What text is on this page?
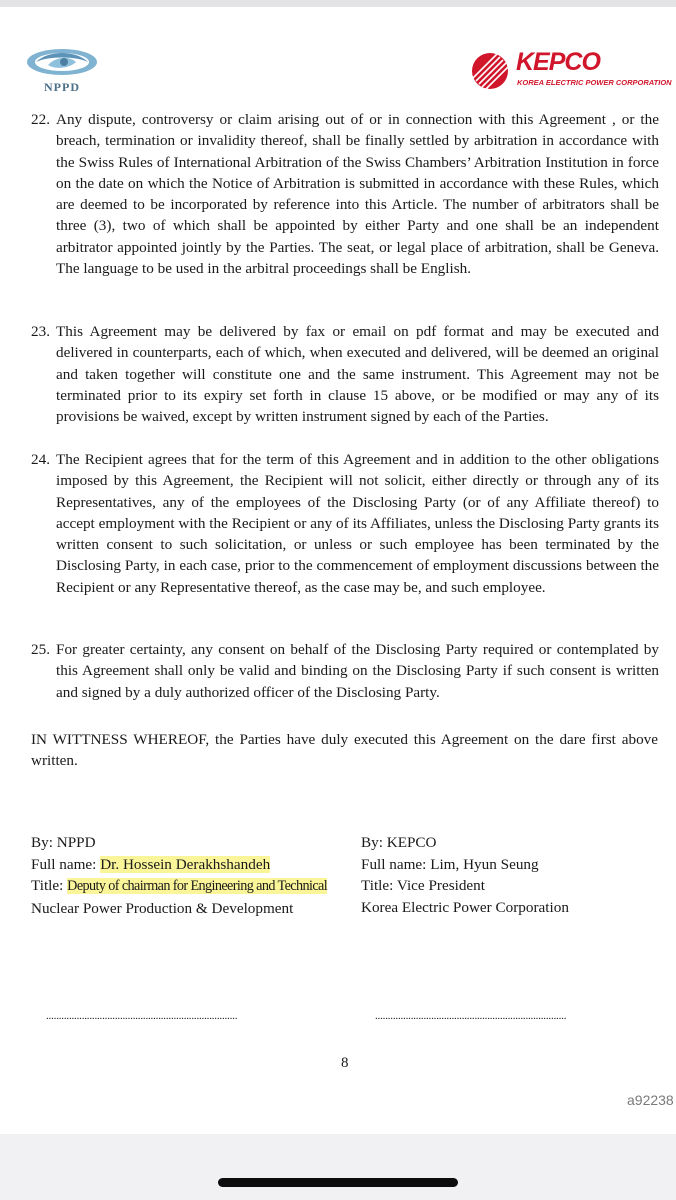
NPPD
KEPCO
KOREA ELECTRIC POWER CORPORATION
22. Any dispute, controversy or claim arising out of or in connection with this Agreement , or the breach, termination or invalidity thereof, shall be finally settled by arbitration in accordance with the Swiss Rules of International Arbitration of the Swiss Chambers’ Arbitration Institution in force on the date on which the Notice of Arbitration is submitted in accordance with these Rules, which are deemed to be incorporated by reference into this Article. The number of arbitrators shall be three (3), two of which shall be appointed by either Party and one shall be an independent arbitrator appointed jointly by the Parties. The seat, or legal place of arbitration, shall be Geneva. The language to be used in the arbitral proceedings shall be English.
23. This Agreement may be delivered by fax or email on pdf format and may be executed and delivered in counterparts, each of which, when executed and delivered, will be deemed an original and taken together will constitute one and the same instrument. This Agreement may not be terminated prior to its expiry set forth in clause 15 above, or be modified or may any of its provisions be waived, except by written instrument signed by each of the Parties.
24. The Recipient agrees that for the term of this Agreement and in addition to the other obligations imposed by this Agreement, the Recipient will not solicit, either directly or through any of its Representatives, any of the employees of the Disclosing Party (or of any Affiliate thereof) to accept employment with the Recipient or any of its Affiliates, unless the Disclosing Party grants its written consent to such solicitation, or unless or such employee has been terminated by the Disclosing Party, in each case, prior to the commencement of employment discussions between the Recipient or any Representative thereof, as the case may be, and such employee.
25. For greater certainty, any consent on behalf of the Disclosing Party required or contemplated by this Agreement shall only be valid and binding on the Disclosing Party if such consent is written and signed by a duly authorized officer of the Disclosing Party.
IN WITTNESS WHEREOF, the Parties have duly executed this Agreement on the dare first above written.
By: NPPD
Full name: Dr. Hossein Derakhshandeh
Title: Deputy of chairman for Engineering and Technical
Nuclear Power Production & Development
By: KEPCO
Full name: Lim, Hyun Seung
Title: Vice President
Korea Electric Power Corporation
...........................................................................	...........................................................................
8
a92238
